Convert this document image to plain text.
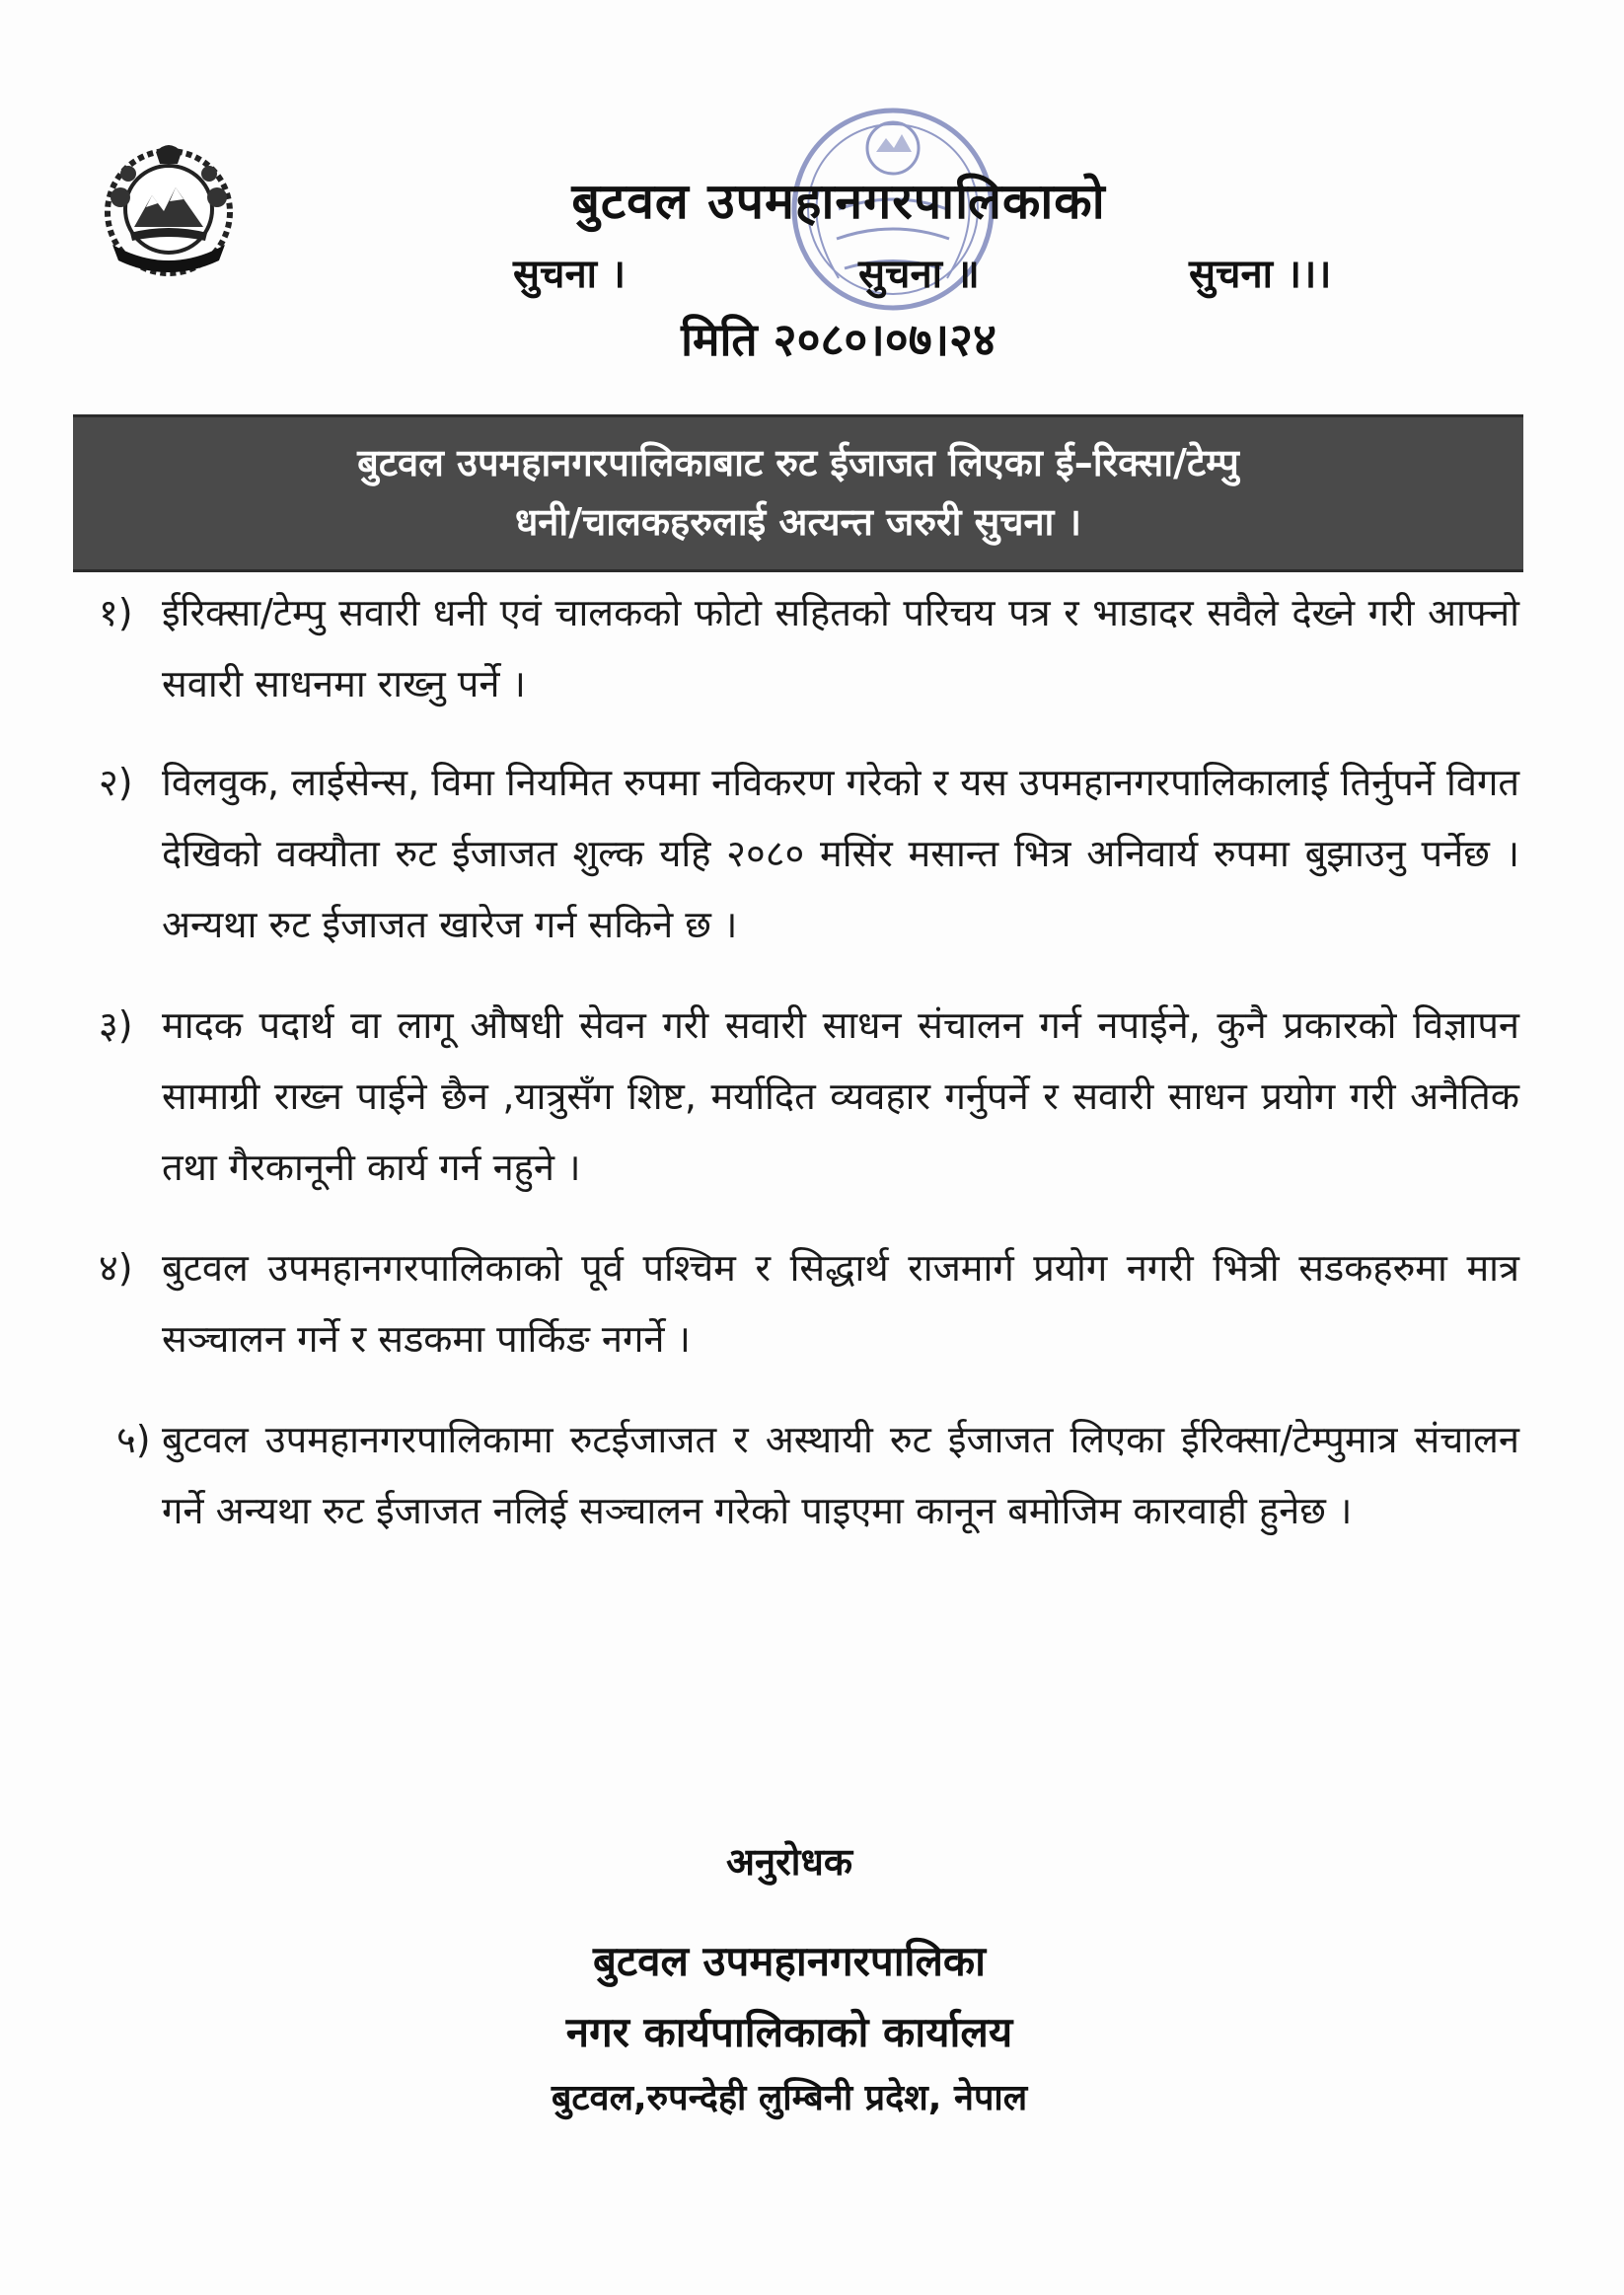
बुटवल उपमहानगरपालिकाको
सुचना ।	सुचना ॥	सुचना ।।।
मिति २०८०।०७।२४
बुटवल उपमहानगरपालिकाबाट रुट ईजाजत लिएका ई–रिक्सा/टेम्पु
धनी/चालकहरुलाई अत्यन्त जरुरी सुचना ।
१) ईरिक्सा/टेम्पु सवारी धनी एवं चालकको फोटो सहितको परिचय पत्र र भाडादर सवैले देख्ने गरी आफ्नो सवारी साधनमा राख्नु पर्ने ।
२) विलवुक, लाईसेन्स, विमा नियमित रुपमा नविकरण गरेको र यस उपमहानगरपालिकालाई तिर्नुपर्ने विगत देखिको वक्यौता रुट ईजाजत शुल्क यहि २०८० मसिंर मसान्त भित्र अनिवार्य रुपमा बुझाउनु पर्नेछ ।अन्यथा रुट ईजाजत खारेज गर्न सकिने छ ।
३) मादक पदार्थ वा लागू औषधी सेवन गरी सवारी साधन संचालन गर्न नपाईने, कुनै प्रकारको विज्ञापन सामाग्री राख्न पाईने छैन ,यात्रुसँग शिष्ट, मर्यादित व्यवहार गर्नुपर्ने र सवारी साधन प्रयोग गरी अनैतिक तथा गैरकानूनी कार्य गर्न नहुने ।
४) बुटवल उपमहानगरपालिकाको पूर्व पश्चिम र सिद्धार्थ राजमार्ग प्रयोग नगरी भित्री सडकहरुमा मात्र सञ्चालन गर्ने र सडकमा पार्किङ नगर्ने ।
५) बुटवल उपमहानगरपालिकामा रुटईजाजत र अस्थायी रुट ईजाजत लिएका ईरिक्सा/टेम्पुमात्र संचालन गर्ने अन्यथा रुट ईजाजत नलिई सञ्चालन गरेको पाइएमा कानून बमोजिम कारवाही हुनेछ ।

अनुरोधक

बुटवल उपमहानगरपालिका

नगर कार्यपालिकाको कार्यालय

बुटवल,रुपन्देही लुम्बिनी प्रदेश, नेपाल
